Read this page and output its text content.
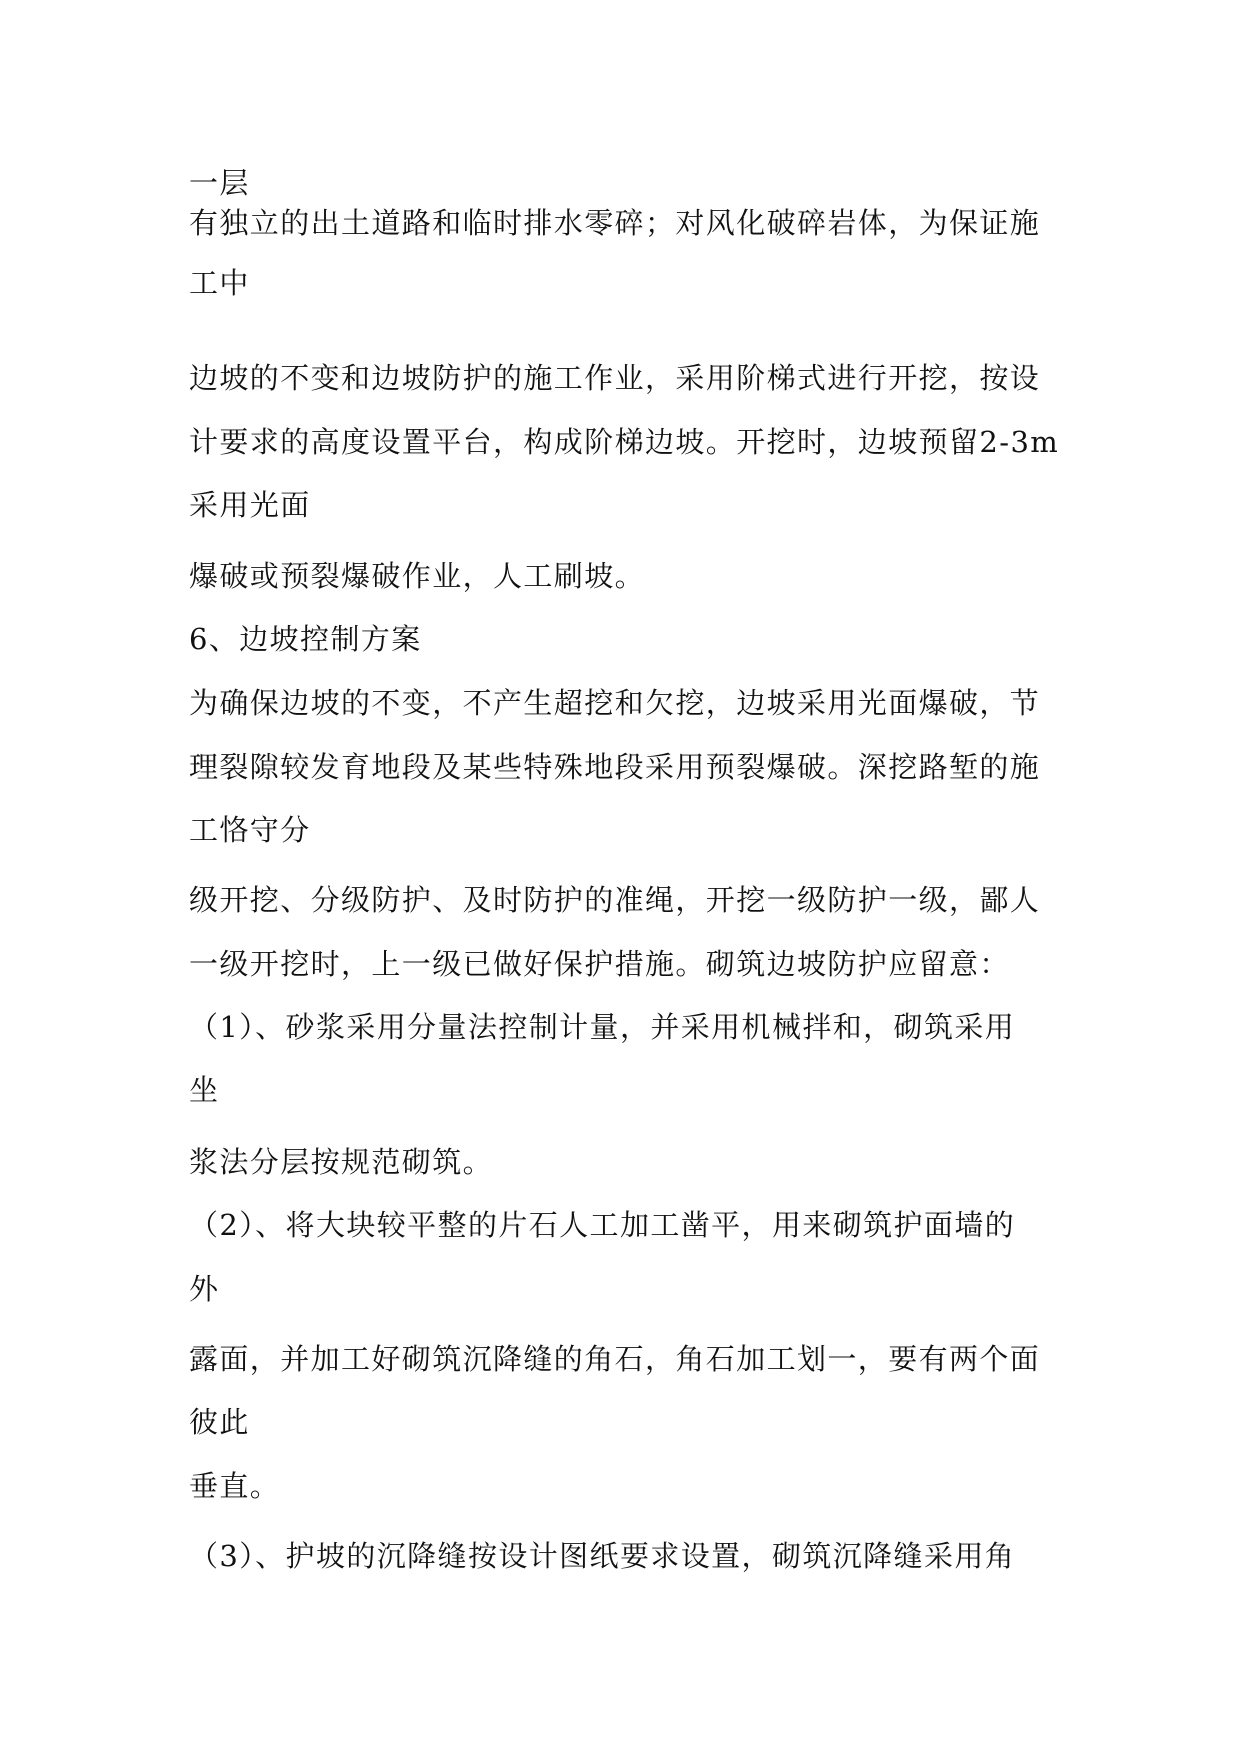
一层
有独立的出土道路和临时排水零碎；对风化破碎岩体，为保证施
工中
边坡的不变和边坡防护的施工作业，采用阶梯式进行开挖，按设
计要求的高度设置平台，构成阶梯边坡。开挖时，边坡预留2-3m
采用光面
爆破或预裂爆破作业，人工刷坡。
6、边坡控制方案
为确保边坡的不变，不产生超挖和欠挖，边坡采用光面爆破，节
理裂隙较发育地段及某些特殊地段采用预裂爆破。深挖路堑的施
工恪守分
级开挖、分级防护、及时防护的准绳，开挖一级防护一级，鄙人
一级开挖时，上一级已做好保护措施。砌筑边坡防护应留意：
（1）、砂浆采用分量法控制计量，并采用机械拌和，砌筑采用
坐
浆法分层按规范砌筑。
（2）、将大块较平整的片石人工加工凿平，用来砌筑护面墙的
外
露面，并加工好砌筑沉降缝的角石，角石加工划一，要有两个面
彼此
垂直。
（3）、护坡的沉降缝按设计图纸要求设置，砌筑沉降缝采用角
